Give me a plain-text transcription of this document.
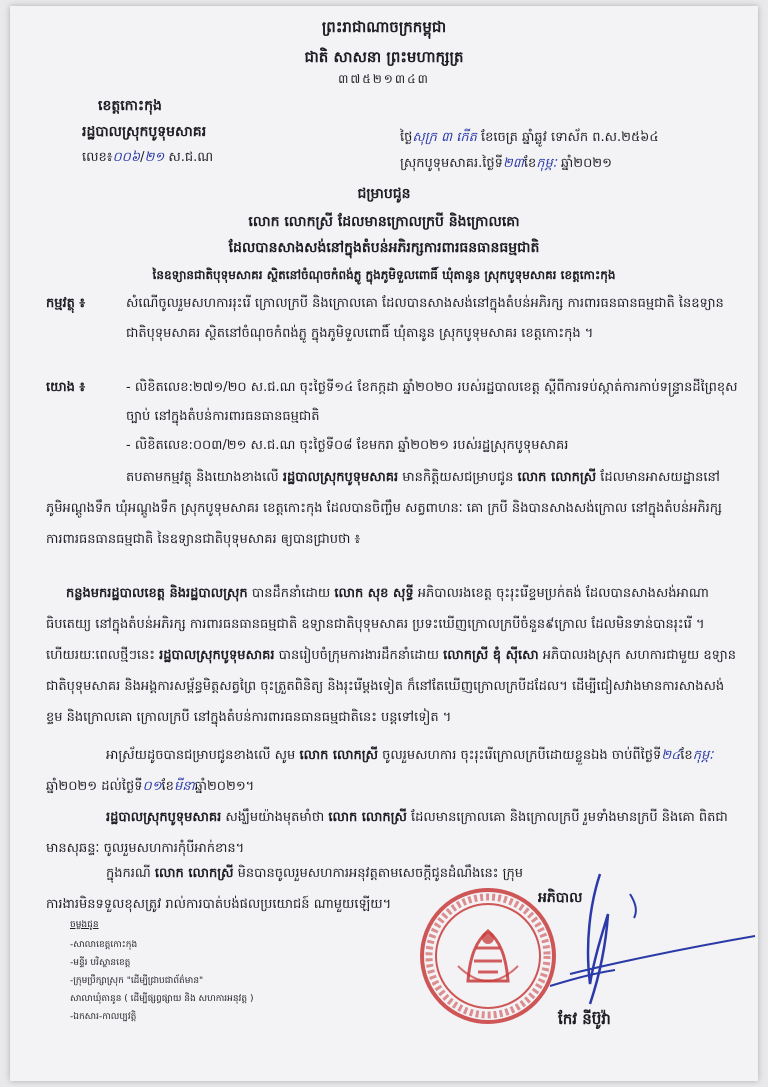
ព្រះរាជាណាចក្រកម្ពុជា
ជាតិ សាសនា ព្រះមហាក្សត្រ
៣៧៥២១៣៤៣
ខេត្តកោះកុង
រដ្ឋបាលស្រុកបូទុមសាគរ
លេខ៖០០៦/២១ ស.ជ.ណ
ថ្ងៃសុក្រ ៣ កើត ខែចេត្រ ឆ្នាំឆ្លូវ ទោស័ក ព.ស.២៥៦៤
ស្រុកបូទុមសាគរ.ថ្ងៃទី២៣ខែកុម្ភៈ ឆ្នាំ២០២១
ជម្រាបជូន
លោក លោកស្រី ដែលមានក្រោលក្របី និងក្រោលគោ
ដែលបានសាងសង់នៅក្នុងតំបន់អភិរក្សការពារធនធានធម្មជាតិ
នៃឧទ្យានជាតិបុទុមសាគរ ស្ថិតនៅចំណុចកំពង់ភ្លូ ក្នុងភូមិទួលពោធិ៍ ឃុំតានូន ស្រុកបូទុមសាគរ ខេត្តកោះកុង
កម្មវត្ថុ ៖	សំណើចូលរួមសហការរុះរើ ក្រោលក្របី និងក្រោលគោ ដែលបានសាងសង់នៅក្នុងតំបន់អភិរក្ស ការពារធនធានធម្មជាតិ នៃឧទ្យានជាតិបុទុមសាគរ ស្ថិតនៅចំណុចកំពង់ភ្លូ ក្នុងភូមិទួលពោធិ៍ ឃុំតានូន ស្រុកបូទុមសាគរ ខេត្តកោះកុង ។
យោង ៖	- លិខិតលេខ:២៧១/២០ ស.ជ.ណ ចុះថ្ងៃទី១៤ ខែកក្កដា ឆ្នាំ២០២០ របស់រដ្ឋបាលខេត្ត ស្តីពីការទប់ស្កាត់ការកាប់ទន្ទ្រានដីព្រៃខុសច្បាប់ នៅក្នុងតំបន់ការពារធនធានធម្មជាតិ
- លិខិតលេខ:០០៣/២១ ស.ជ.ណ ចុះថ្ងៃទី០៨ ខែមករា ឆ្នាំ២០២១ របស់រដ្ឋស្រុកបូទុមសាគរ
តបតាមកម្មវត្ថុ និងយោងខាងលើ រដ្ឋបាលស្រុកបូទុមសាគរ មានកិត្តិយសជម្រាបជូន លោក លោកស្រី ដែលមានអាសយដ្ឋាននៅភូមិអណ្តូងទឹក ឃុំអណ្តូងទឹក ស្រុកបូទុមសាគរ ខេត្តកោះកុង ដែលបានចិញ្ចឹម សត្វពាហនៈ គោ ក្របី និងបានសាងសង់ក្រោល នៅក្នុងតំបន់អភិរក្ស ការពារធនធានធម្មជាតិ នៃឧទ្យានជាតិបុទុមសាគរ ឲ្យបានជ្រាបថា ៖
កន្លងមករដ្ឋបាលខេត្ត និងរដ្ឋបាលស្រុក បានដឹកនាំដោយ លោក សុខ សុទ្ធី អភិបាលរងខេត្ត ចុះរុះរើខ្ទមប្រក់តង់ ដែលបានសាងសង់អាណាធិបតេយ្យ នៅក្នុងតំបន់អភិរក្ស ការពារធនធានធម្មជាតិ ឧទ្យានជាតិបុទុមសាគរ ប្រទះឃើញក្រោលក្របីចំនួន៩ក្រោល ដែលមិនទាន់បានរុះរើ ។ហើយរយៈពេលថ្មីៗនេះ រដ្ឋបាលស្រុកបូទុមសាគរ បានរៀបចំក្រុមការងារដឹកនាំដោយ លោកស្រី ឌុំ ស៊ីសោ អភិបាលរងស្រុក សហការជាមួយ ឧទ្យានជាតិបុទុមសាគរ និងអង្គការសម្ព័ន្ធមិត្តសត្វព្រៃ ចុះត្រួតពិនិត្យ និងរុះរើម្តងទៀត ក៏នៅតែឃើញក្រោលក្របីដដែល។ ដើម្បីជៀសវាងមានការសាងសង់ខ្ទម និងក្រោលគោ ក្រោលក្របី នៅក្នុងតំបន់ការពារធនធានធម្មជាតិនេះ បន្តទៅទៀត ។
អាស្រ័យដូចបានជម្រាបជូនខាងលើ សូម លោក លោកស្រី ចូលរួមសហការ ចុះរុះរើក្រោលក្របីដោយខ្លួនឯង ចាប់ពីថ្ងៃទី២៤ខែកុម្ភៈឆ្នាំ២០២១ ដល់ថ្ងៃទី០១ខែមីនាឆ្នាំ២០២១។
រដ្ឋបាលស្រុកបូទុមសាគរ សង្ឃឹមយ៉ាងមុតមាំថា លោក លោកស្រី ដែលមានក្រោលគោ និងក្រោលក្របី រួមទាំងមានក្របី និងគោ ពិតជាមានសុឆន្ទៈ ចូលរួមសហការកុំបីអាក់ខាន។
ក្នុងករណី លោក លោកស្រី មិនបានចូលរួមសហការអនុវត្តតាមសេចក្តីជូនដំណឹងនេះ ក្រុមការងារមិនទទួលខុសត្រូវ រាល់ការបាត់បង់ផលប្រយោជន៍ ណាមួយឡើយ។
ចម្លងជូន
-សាលាខេត្តកោះកុង
-មន្ទីរ បរិស្ថានខេត្ត
-ក្រុមប្រឹក្សាស្រុក "ដើម្បីជ្រាបជាព័ត៌មាន"
សាលាឃុំតានូន ( ដើម្បីផ្សព្វផ្សាយ និង សហការអនុវត្ត )
-ឯកសារ-កាលប្បវត្តិ
អភិបាល
កែវ នីប៊ូវ៉ា
